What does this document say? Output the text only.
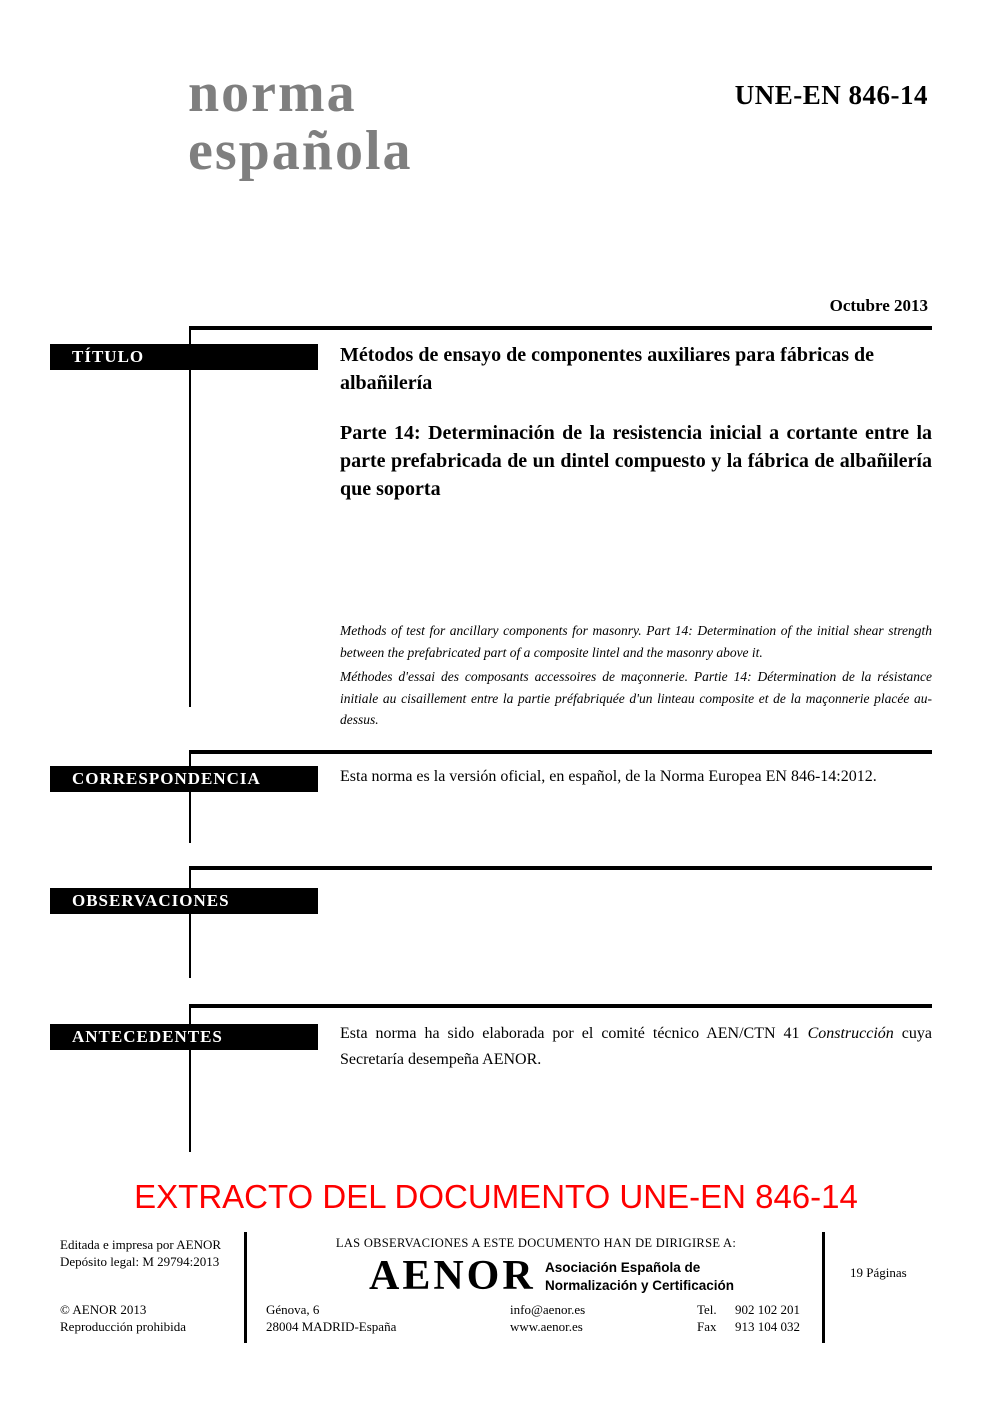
norma
española
UNE-EN 846-14
Octubre 2013
TÍTULO	Métodos de ensayo de componentes auxiliares para fábricas de albañilería
Parte 14: Determinación de la resistencia inicial a cortante entre la parte prefabricada de un dintel compuesto y la fábrica de albañilería que soporta
Methods of test for ancillary components for masonry. Part 14: Determination of the initial shear strength between the prefabricated part of a composite lintel and the masonry above it.
Méthodes d'essai des composants accessoires de maçonnerie. Partie 14: Détermination de la résistance initiale au cisaillement entre la partie préfabriquée d'un linteau composite et de la maçonnerie placée au-dessus.
CORRESPONDENCIA	Esta norma es la versión oficial, en español, de la Norma Europea EN 846-14:2012.
OBSERVACIONES
ANTECEDENTES	Esta norma ha sido elaborada por el comité técnico AEN/CTN 41 Construcción cuya Secretaría desempeña AENOR.
EXTRACTO DEL DOCUMENTO UNE-EN 846-14
Editada e impresa por AENOR
Depósito legal: M 29794:2013
© AENOR 2013
Reproducción prohibida
LAS OBSERVACIONES A ESTE DOCUMENTO HAN DE DIRIGIRSE A:
AENOR Asociación Española de
Normalización y Certificación
Génova, 6
28004 MADRID-España
info@aenor.es
www.aenor.es
Tel. 902 102 201
Fax 913 104 032
19 Páginas
